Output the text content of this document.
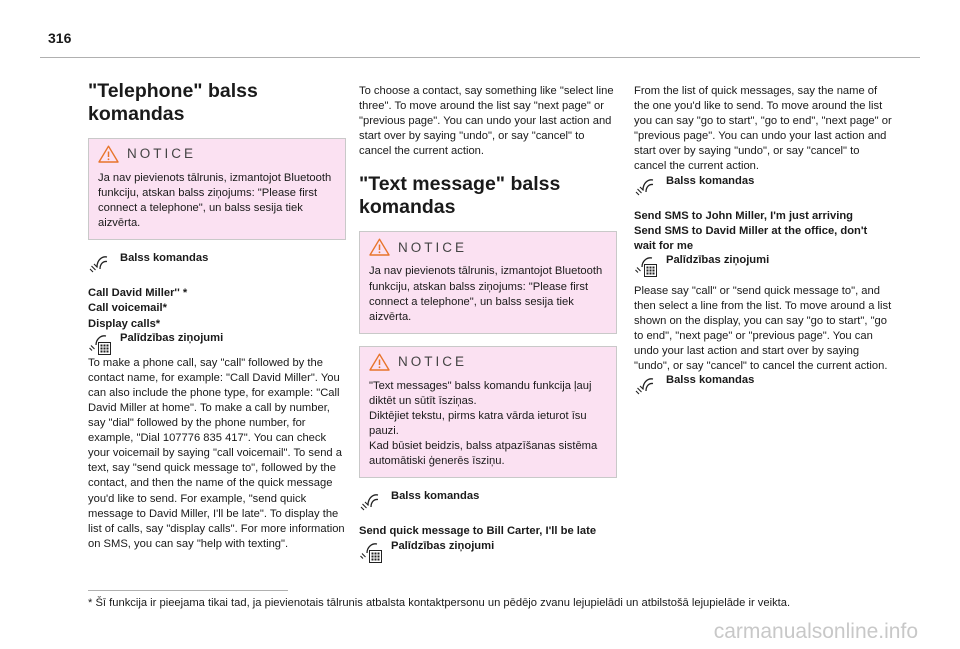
316
"Telephone" balss komandas
NOTICE
Ja nav pievienots tālrunis, izmantojot Bluetooth funkciju, atskan balss ziņojums: "Please first connect a telephone", un balss sesija tiek aizvērta.
Balss komandas
Call David Miller'' *
Call voicemail*
Display calls*
Palīdzības ziņojumi
To make a phone call, say "call" followed by the contact name, for example: "Call David Miller". You can also include the phone type, for example: "Call David Miller at home". To make a call by number, say "dial" followed by the phone number, for example, "Dial 107776 835 417". You can check your voicemail by saying "call voicemail". To send a text, say "send quick message to", followed by the contact, and then the name of the quick message you'd like to send. For example, "send quick message to David Miller, I'll be late". To display the list of calls, say "display calls". For more information on SMS, you can say "help with texting".
To choose a contact, say something like "select line three". To move around the list say "next page" or "previous page". You can undo your last action and start over by saying "undo", or say "cancel" to cancel the current action.
"Text message" balss komandas
NOTICE
Ja nav pievienots tālrunis, izmantojot Bluetooth funkciju, atskan balss ziņojums: "Please first connect a telephone", un balss sesija tiek aizvērta.
NOTICE
"Text messages" balss komandu funkcija ļauj diktēt un sūtīt īsziņas.
Diktējiet tekstu, pirms katra vārda ieturot īsu pauzi.
Kad būsiet beidzis, balss atpazīšanas sistēma automātiski ģenerēs īsziņu.
Balss komandas
Send quick message to Bill Carter, I'll be late
Palīdzības ziņojumi
From the list of quick messages, say the name of the one you'd like to send. To move around the list you can say "go to start", "go to end", "next page" or "previous page". You can undo your last action and start over by saying "undo", or say "cancel" to cancel the current action.
Balss komandas
Send SMS to John Miller, I'm just arriving
Send SMS to David Miller at the office, don't wait for me
Palīdzības ziņojumi
Please say "call" or "send quick message to", and then select a line from the list. To move around a list shown on the display, you can say "go to start", "go to end", "next page" or "previous page". You can undo your last action and start over by saying "undo", or say "cancel" to cancel the current action.
Balss komandas
* Šī funkcija ir pieejama tikai tad, ja pievienotais tālrunis atbalsta kontaktpersonu un pēdējo zvanu lejupielādi un atbilstošā lejupielāde ir veikta.
carmanualsonline.info
